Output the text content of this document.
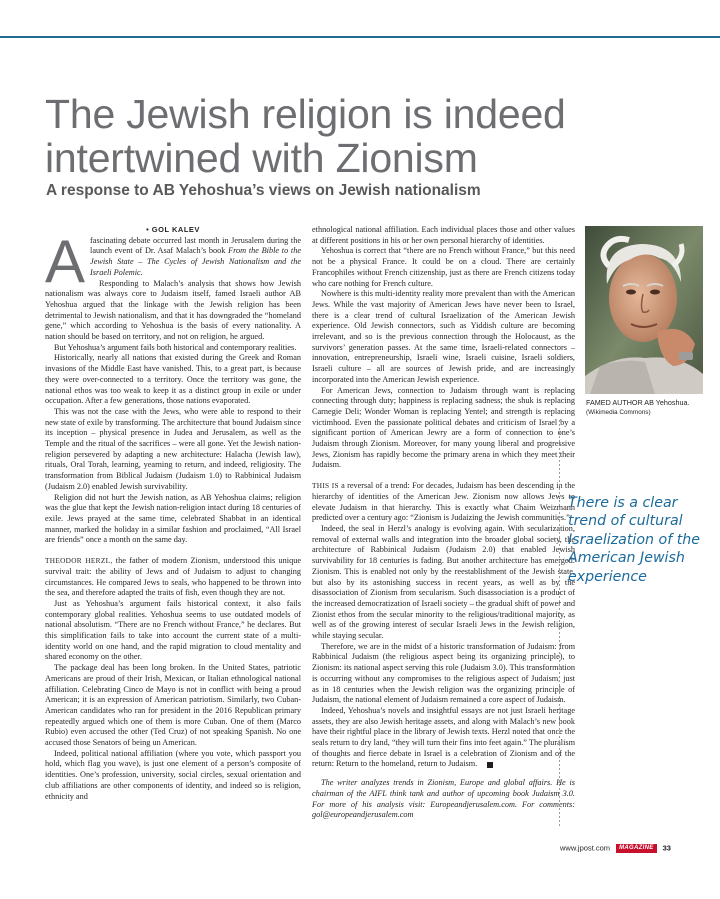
The Jewish religion is indeed intertwined with Zionism
A response to AB Yehoshua’s views on Jewish nationalism

• GOL KALEV

Afascinating debate occurred last month in Jerusalem during the launch event of Dr. Asaf Malach’s book From the Bible to the Jewish State – The Cycles of Jewish Nationalism and the Israeli Polemic.

Responding to Malach’s analysis that shows how Jewish nationalism was always core to Judaism itself, famed Israeli author AB Yehoshua argued that the linkage with the Jewish religion has been detrimental to Jewish nationalism, and that it has downgraded the “homeland gene,” which according to Yehoshua is the basis of every nationality. A nation should be based on territory, and not on religion, he argued.

But Yehoshua’s argument fails both historical and contemporary realities.

Historically, nearly all nations that existed during the Greek and Roman invasions of the Middle East have vanished. This, to a great part, is because they were over-connected to a territory. Once the territory was gone, the national ethos was too weak to keep it as a distinct group in exile or under occupation. After a few generations, those nations evaporated.

This was not the case with the Jews, who were able to respond to their new state of exile by transforming. The architecture that bound Judaism since its inception – physical presence in Judea and Jerusalem, as well as the Temple and the ritual of the sacrifices – were all gone. Yet the Jewish nation-religion persevered by adapting a new architecture: Halacha (Jewish law), rituals, Oral Torah, learning, yearning to return, and indeed, religiosity. The transformation from Biblical Judaism (Judaism 1.0) to Rabbinical Judaism (Judaism 2.0) enabled Jewish survivability.

Religion did not hurt the Jewish nation, as AB Yehoshua claims; religion was the glue that kept the Jewish nation-religion intact during 18 centuries of exile. Jews prayed at the same time, celebrated Shabbat in an identical manner, marked the holiday in a similar fashion and proclaimed, “All Israel are friends” once a month on the same day.

THEODOR HERZL, the father of modern Zionism, understood this unique survival trait: the ability of Jews and of Judaism to adjust to changing circumstances. He compared Jews to seals, who happened to be thrown into the sea, and therefore adapted the traits of fish, even though they are not.

Just as Yehoshua’s argument fails historical context, it also fails contemporary global realities. Yehoshua seems to use outdated models of national absolutism. “There are no French without France,” he declares. But this simplification fails to take into account the current state of a multi-identity world on one hand, and the rapid migration to cloud mentality and shared economy on the other.

The package deal has been long broken. In the United States, patriotic Americans are proud of their Irish, Mexican, or Italian ethnological national affiliation. Celebrating Cinco de Mayo is not in conflict with being a proud American; it is an expression of American patriotism. Similarly, two Cuban-American candidates who ran for president in the 2016 Republican primary repeatedly argued which one of them is more Cuban. One of them (Marco Rubio) even accused the other (Ted Cruz) of not speaking Spanish. No one accused those Senators of being un American.

Indeed, political national affiliation (where you vote, which passport you hold, which flag you wave), is just one element of a person’s composite of identities. One’s profession, university, social circles, sexual orientation and club affiliations are other components of identity, and indeed so is religion, ethnicity and

ethnological national affiliation. Each individual places those and other values at different positions in his or her own personal hierarchy of identities.

Yehoshua is correct that “there are no French without France,” but this need not be a physical France. It could be on a cloud. There are certainly Francophiles without French citizenship, just as there are French citizens today who care nothing for French culture.

Nowhere is this multi-identity reality more prevalent than with the American Jews. While the vast majority of American Jews have never been to Israel, there is a clear trend of cultural Israelization of the American Jewish experience. Old Jewish connectors, such as Yiddish culture are becoming irrelevant, and so is the previous connection through the Holocaust, as the survivors’ generation passes. At the same time, Israeli-related connectors – innovation, entrepreneurship, Israeli wine, Israeli cuisine, Israeli soldiers, Israeli culture – all are sources of Jewish pride, and are increasingly incorporated into the American Jewish experience.

For American Jews, connection to Judaism through want is replacing connecting through duty; happiness is replacing sadness; the shuk is replacing Carnegie Deli; Wonder Woman is replacing Yentel; and strength is replacing victimhood. Even the passionate political debates and criticism of Israel by a significant portion of American Jewry are a form of connection to one’s Judaism through Zionism. Moreover, for many young liberal and progressive Jews, Zionism has rapidly become the primary arena in which they meet their Judaism.

THIS IS a reversal of a trend: For decades, Judaism has been descending in the hierarchy of identities of the American Jew. Zionism now allows Jews to elevate Judaism in that hierarchy. This is exactly what Chaim Weizmann predicted over a century ago: “Zionism is Judaizing the Jewish communities.”

Indeed, the seal in Herzl’s analogy is evolving again. With secularization, removal of external walls and integration into the broader global society, the architecture of Rabbinical Judaism (Judaism 2.0) that enabled Jewish survivability for 18 centuries is fading. But another architecture has emerged: Zionism. This is enabled not only by the reestablishment of the Jewish state, but also by its astonishing success in recent years, as well as by the disassociation of Zionism from secularism. Such disassociation is a product of the increased democratization of Israeli society – the gradual shift of power and Zionist ethos from the secular minority to the religious/traditional majority, as well as of the growing interest of secular Israeli Jews in the Jewish religion, while staying secular.

Therefore, we are in the midst of a historic transformation of Judaism: from Rabbinical Judaism (the religious aspect being its organizing principle), to Zionism: its national aspect serving this role (Judaism 3.0). This transformation is occurring without any compromises to the religious aspect of Judaism, just as in 18 centuries when the Jewish religion was the organizing principle of Judaism, the national element of Judaism remained a core aspect of Judaism.

Indeed, Yehoshua’s novels and insightful essays are not just Israeli heritage assets, they are also Jewish heritage assets, and along with Malach’s new book have their rightful place in the library of Jewish texts. Herzl noted that once the seals return to dry land, “they will turn their fins into feet again.” The pluralism of thoughts and fierce debate in Israel is a celebration of Zionism and of the return: Return to the homeland, return to Judaism.

The writer analyzes trends in Zionism, Europe and global affairs. He is chairman of the AIFL think tank and author of upcoming book Judaism 3.0. For more of his analysis visit: Europeandjerusalem.com. For comments: gol@europeandjerusalem.com

FAMED AUTHOR AB Yehoshua.
(Wikimedia Commons)

There is a clear trend of cultural Israelization of the American Jewish experience

www.jpost.com MAGAZINE 33
